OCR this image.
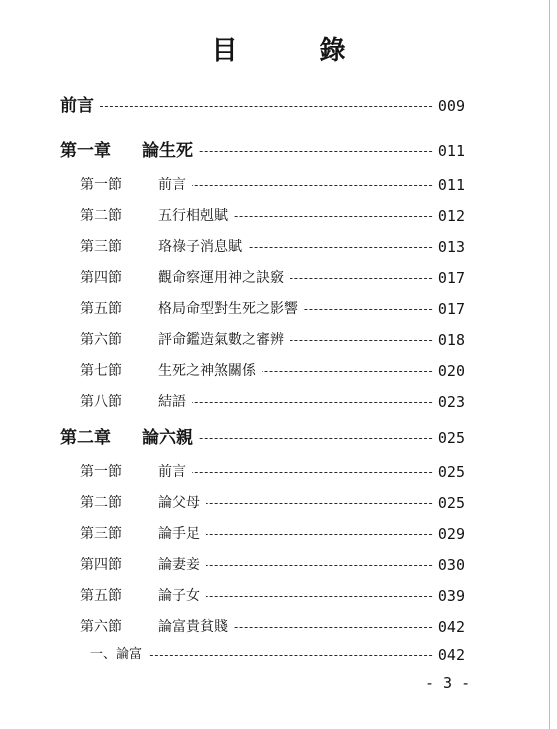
目　錄
前言	009
第一章 論生死	011
第一節	前言	011
第二節	五行相剋賦	012
第三節	珞祿子消息賦	013
第四節	觀命察運用神之訣竅	017
第五節	格局命型對生死之影響	017
第六節	評命鑑造氣數之審辨	018
第七節	生死之神煞關係	020
第八節	結語	023
第二章 論六親	025
第一節	前言	025
第二節	論父母	025
第三節	論手足	029
第四節	論妻妾	030
第五節	論子女	039
第六節	論富貴貧賤	042
一、論富	042
- 3 -
